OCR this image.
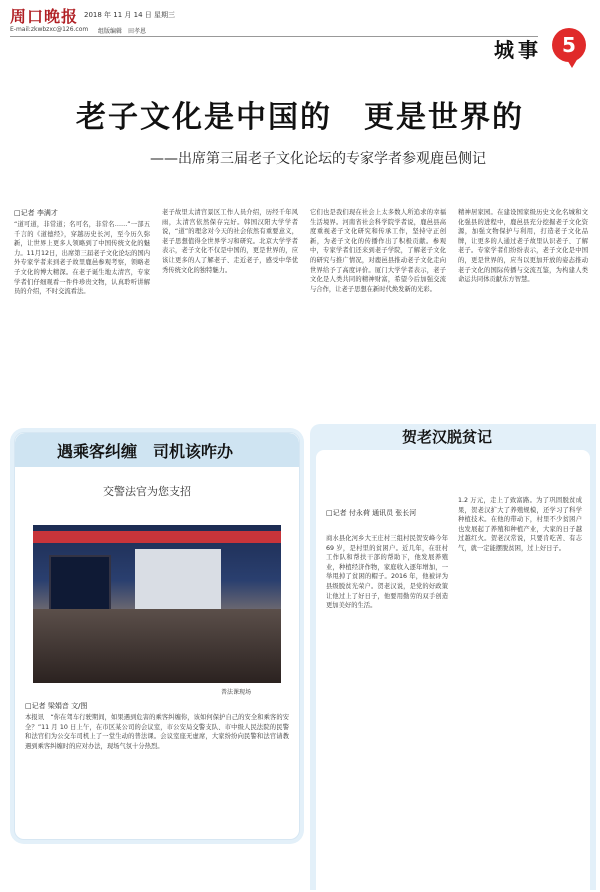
周口晚报 2018 年 11 月 14 日 星期三
E-mail:zkwbzxc@126.com 组版编辑　田孝恩
城事	5
老子文化是中国的　更是世界的
——出席第三届老子文化论坛的专家学者参观鹿邑侧记
□记者 李满才
“道可道，非常道；名可名，非常名……”一部五千言的《道德经》，穿越历史长河，至今历久弥新，让世界上更多人领略到了中国传统文化的魅力。11月12日，出席第三届老子文化论坛的国内外专家学者来到老子故里鹿邑参观考察，领略老子文化的博大精深。在老子诞生地太清宫，专家学者们仔细观看一件件珍贵文物，认真聆听讲解员的介绍，不时交流看法。
老子故里太清宫景区工作人员介绍，历经千年风雨，太清宫依然保存完好。韩国汉阳大学学者说，“道”的理念对今天的社会依然有重要意义，老子思想值得全世界学习和研究。北京大学学者表示，老子文化不仅是中国的，更是世界的，应该让更多的人了解老子、走近老子，感受中华优秀传统文化的独特魅力。
它们也是我们现在社会上太多数人所追求的幸福生活境界。河南省社会科学院学者说，鹿邑县高度重视老子文化研究和传承工作，坚持守正创新，为老子文化的传播作出了积极贡献。参观中，专家学者们还来到老子学院，了解老子文化的研究与推广情况，对鹿邑县推动老子文化走向世界给予了高度评价。厦门大学学者表示，老子文化是人类共同的精神财富，希望今后加强交流与合作，让老子思想在新时代焕发新的光彩。
精神居家园。在建设国家级历史文化名城和文化强县的进程中，鹿邑县充分挖掘老子文化资源，加强文物保护与利用，打造老子文化品牌，让更多的人通过老子故里认识老子、了解老子。专家学者们纷纷表示，老子文化是中国的，更是世界的，应当以更加开放的姿态推动老子文化的国际传播与交流互鉴，为构建人类命运共同体贡献东方智慧。
遇乘客纠缠　司机该咋办
交警法官为您支招
普法课现场
□记者 梁娟音 文/图
本报讯　“你在驾车行驶期间，如果遇到危害的乘客纠缠你，该如何保护自己的安全和乘客的安全？”11 月 10 日上午，在市区某公司的会议室，市公安局交警支队、市中级人民法院的民警和法官们为公交车司机上了一堂生动的普法课。会议室座无虚席，大家纷纷向民警和法官请教遇到乘客纠缠时的应对办法，现场气氛十分热烈。
贺老汉脱贫记
□记者 付永荷 通讯员 张长河
商水县化河乡大王庄村三组村民贺安峰今年 69 岁，是村里的贫困户。近几年，在驻村工作队和帮扶干部的帮助下，他发展养殖业，种植经济作物，家庭收入逐年增加，一举甩掉了贫困的帽子。2016 年，他被评为县级脱贫光荣户。贺老汉说，是党的好政策让他过上了好日子，他要用勤劳的双手创造更加美好的生活。
1.2 万元，走上了致富路。为了巩固脱贫成果，贺老汉扩大了养殖规模，还学习了科学种植技术。在他的带动下，村里不少贫困户也发展起了养殖和种植产业，大家的日子越过越红火。贺老汉常说，只要肯吃苦、有志气，就一定能摆脱贫困，过上好日子。
